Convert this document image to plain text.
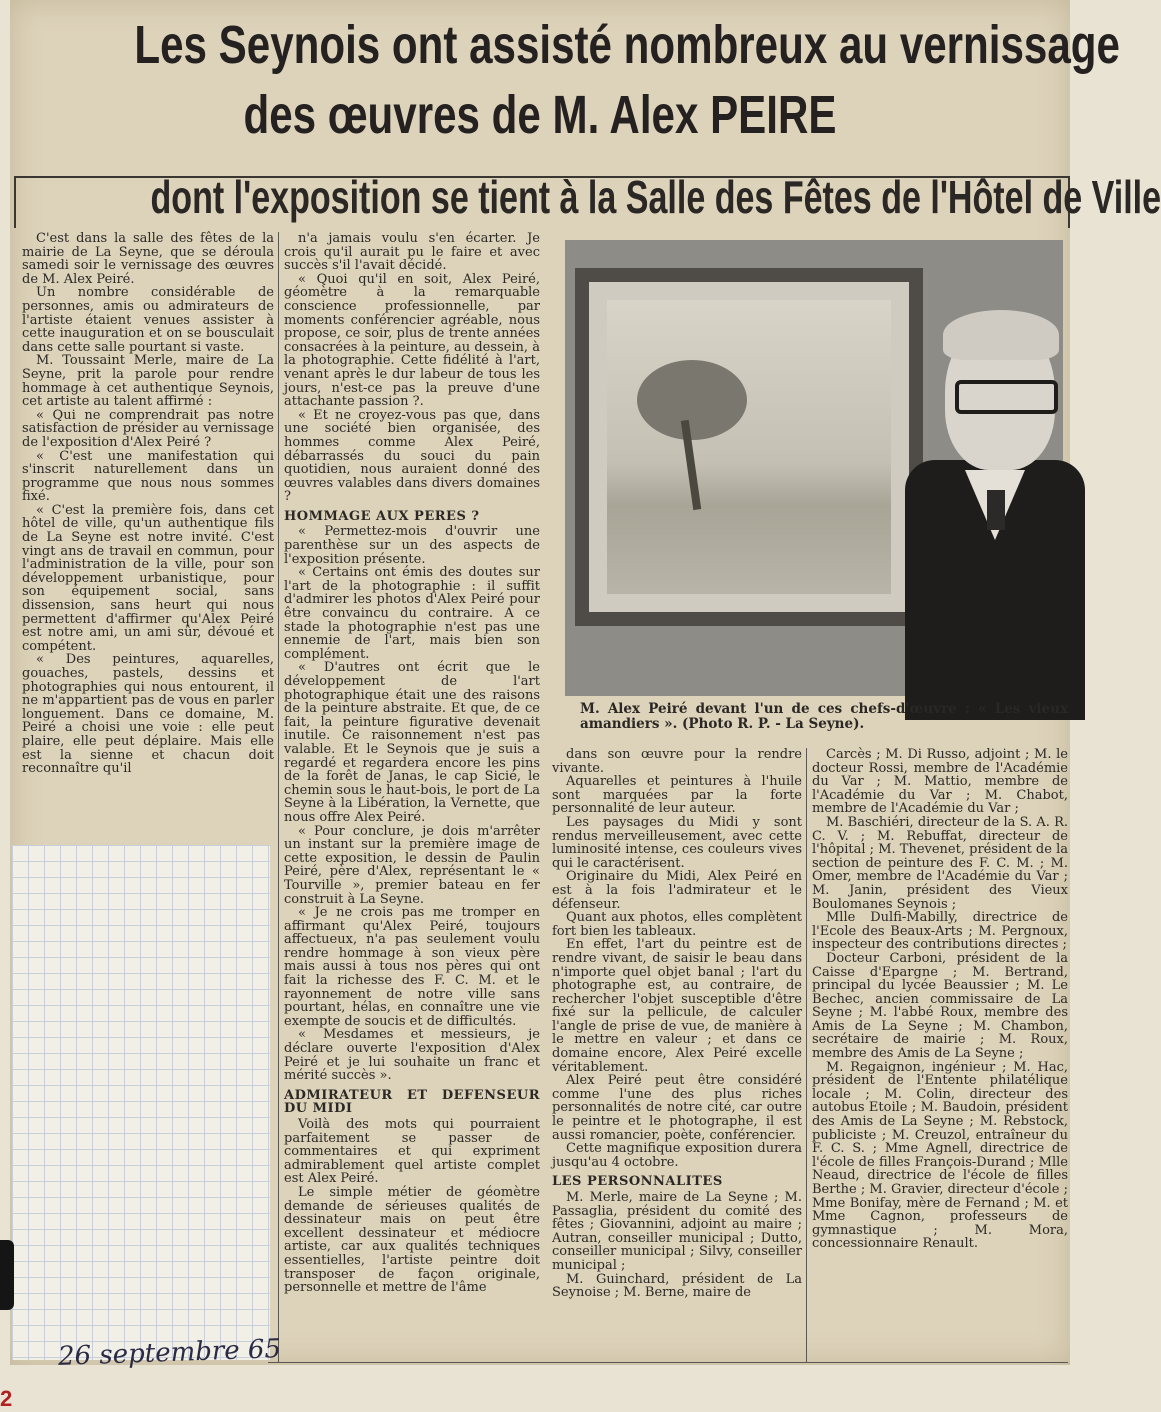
Les Seynois ont assisté nombreux au vernissage
des œuvres de M. Alex PEIRE
dont l'exposition se tient à la Salle des Fêtes de l'Hôtel de Ville

C'est dans la salle des fêtes de la mairie de La Seyne, que se déroula samedi soir le vernissage des œuvres de M. Alex Peiré.

Un nombre considérable de personnes, amis ou admirateurs de l'artiste étaient venues assister à cette inauguration et on se bousculait dans cette salle pourtant si vaste.

M. Toussaint Merle, maire de La Seyne, prit la parole pour rendre hommage à cet authentique Seynois, cet artiste au talent affirmé :

« Qui ne comprendrait pas notre satisfaction de présider au vernissage de l'exposition d'Alex Peiré ?

« C'est une manifestation qui s'inscrit naturellement dans un programme que nous nous sommes fixé.

« C'est la première fois, dans cet hôtel de ville, qu'un authentique fils de La Seyne est notre invité. C'est vingt ans de travail en commun, pour l'administration de la ville, pour son développement urbanistique, pour son équipement social, sans dissension, sans heurt qui nous permettent d'affirmer qu'Alex Peiré est notre ami, un ami sûr, dévoué et compétent.

« Des peintures, aquarelles, gouaches, pastels, dessins et photographies qui nous entourent, il ne m'appartient pas de vous en parler longuement. Dans ce domaine, M. Peiré a choisi une voie : elle peut plaire, elle peut déplaire. Mais elle est la sienne et chacun doit reconnaître qu'il

n'a jamais voulu s'en écarter. Je crois qu'il aurait pu le faire et avec succès s'il l'avait décidé.

« Quoi qu'il en soit, Alex Peiré, géomètre à la remarquable conscience professionnelle, par moments conférencier agréable, nous propose, ce soir, plus de trente années consacrées à la peinture, au dessein, à la photographie. Cette fidélité à l'art, venant après le dur labeur de tous les jours, n'est-ce pas la preuve d'une attachante passion ?.

« Et ne croyez-vous pas que, dans une société bien organisée, des hommes comme Alex Peiré, débarrassés du souci du pain quotidien, nous auraient donné des œuvres valables dans divers domaines ?

HOMMAGE AUX PERES ?

« Permettez-mois d'ouvrir une parenthèse sur un des aspects de l'exposition présente.

« Certains ont émis des doutes sur l'art de la photographie : il suffit d'admirer les photos d'Alex Peiré pour être convaincu du contraire. A ce stade la photographie n'est pas une ennemie de l'art, mais bien son complément.

« D'autres ont écrit que le développement de l'art photographique était une des raisons de la peinture abstraite. Et que, de ce fait, la peinture figurative devenait inutile. Ce raisonnement n'est pas valable. Et le Seynois que je suis a regardé et regardera encore les pins de la forêt de Janas, le cap Sicié, le chemin sous le haut-bois, le port de La Seyne à la Libération, la Vernette, que nous offre Alex Peiré.

« Pour conclure, je dois m'arrêter un instant sur la première image de cette exposition, le dessin de Paulin Peiré, père d'Alex, représentant le « Tourville », premier bateau en fer construit à La Seyne.

« Je ne crois pas me tromper en affirmant qu'Alex Peiré, toujours affectueux, n'a pas seulement voulu rendre hommage à son vieux père mais aussi à tous nos pères qui ont fait la richesse des F. C. M. et le rayonnement de notre ville sans pourtant, hélas, en connaître une vie exempte de soucis et de difficultés.

« Mesdames et messieurs, je déclare ouverte l'exposition d'Alex Peiré et je lui souhaite un franc et mérité succès ».

ADMIRATEUR ET DEFENSEUR DU MIDI

Voilà des mots qui pourraient parfaitement se passer de commentaires et qui expriment admirablement quel artiste complet est Alex Peiré.

Le simple métier de géomètre demande de sérieuses qualités de dessinateur mais on peut être excellent dessinateur et médiocre artiste, car aux qualités techniques essentielles, l'artiste peintre doit transposer de façon originale, personnelle et mettre de l'âme

M. Alex Peiré devant l'un de ces chefs-d'œuvre : « Les vieux amandiers ». (Photo R. P. - La Seyne).

dans son œuvre pour la rendre vivante.

Aquarelles et peintures à l'huile sont marquées par la forte personnalité de leur auteur.

Les paysages du Midi y sont rendus merveilleusement, avec cette luminosité intense, ces couleurs vives qui le caractérisent.

Originaire du Midi, Alex Peiré en est à la fois l'admirateur et le défenseur.

Quant aux photos, elles complètent fort bien les tableaux.

En effet, l'art du peintre est de rendre vivant, de saisir le beau dans n'importe quel objet banal ; l'art du photographe est, au contraire, de rechercher l'objet susceptible d'être fixé sur la pellicule, de calculer l'angle de prise de vue, de manière à le mettre en valeur ; et dans ce domaine encore, Alex Peiré excelle véritablement.

Alex Peiré peut être considéré comme l'une des plus riches personnalités de notre cité, car outre le peintre et le photographe, il est aussi romancier, poète, conférencier.

Cette magnifique exposition durera jusqu'au 4 octobre.

LES PERSONNALITES

M. Merle, maire de La Seyne ; M. Passaglia, président du comité des fêtes ; Giovannini, adjoint au maire ; Autran, conseiller municipal ; Dutto, conseiller municipal ; Silvy, conseiller municipal ;

M. Guinchard, président de La Seynoise ; M. Berne, maire de

Carcès ; M. Di Russo, adjoint ; M. le docteur Rossi, membre de l'Académie du Var ; M. Mattio, membre de l'Académie du Var ; M. Chabot, membre de l'Académie du Var ;

M. Baschiéri, directeur de la S. A. R. C. V. ; M. Rebuffat, directeur de l'hôpital ; M. Thevenet, président de la section de peinture des F. C. M. ; M. Omer, membre de l'Académie du Var ; M. Janin, président des Vieux Boulomanes Seynois ;

Mlle Dulfi-Mabilly, directrice de l'Ecole des Beaux-Arts ; M. Pergnoux, inspecteur des contributions directes ;

Docteur Carboni, président de la Caisse d'Epargne ; M. Bertrand, principal du lycée Beaussier ; M. Le Bechec, ancien commissaire de La Seyne ; M. l'abbé Roux, membre des Amis de La Seyne ; M. Chambon, secrétaire de mairie ; M. Roux, membre des Amis de La Seyne ;

M. Regaignon, ingénieur ; M. Hac, président de l'Entente philatélique locale ; M. Colin, directeur des autobus Etoile ; M. Baudoin, président des Amis de La Seyne ; M. Rebstock, publiciste ; M. Creuzol, entraîneur du F. C. S. ; Mme Agnell, directrice de l'école de filles François-Durand ; Mlle Neaud, directrice de l'école de filles Berthe ; M. Gravier, directeur d'école ; Mme Bonifay, mère de Fernand ; M. et Mme Cagnon, professeurs de gymnastique ; M. Mora, concessionnaire Renault.

26 septembre 65
2
